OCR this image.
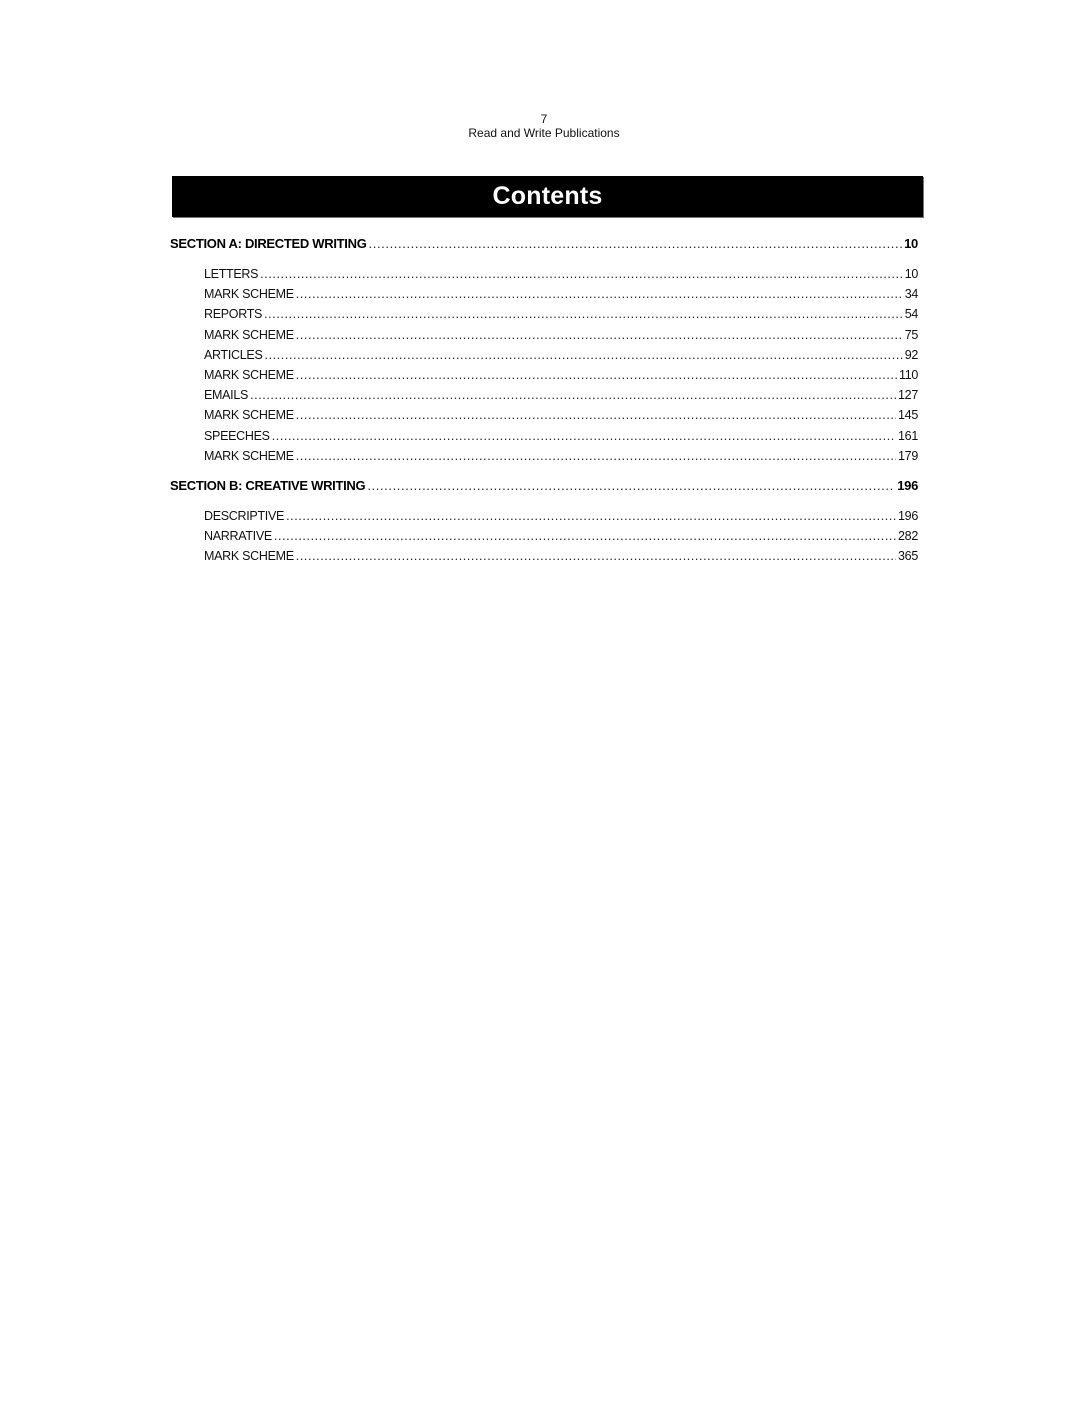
7
Read and Write Publications
Contents
SECTION A: DIRECTED WRITING .....	10
LETTERS .....	10
MARK SCHEME .....	34
REPORTS .....	54
MARK SCHEME .....	75
ARTICLES .....	92
MARK SCHEME .....	110
EMAILS .....	127
MARK SCHEME .....	145
SPEECHES .....	161
MARK SCHEME .....	179
SECTION B: CREATIVE WRITING .....	196
DESCRIPTIVE .....	196
NARRATIVE .....	282
MARK SCHEME .....	365
